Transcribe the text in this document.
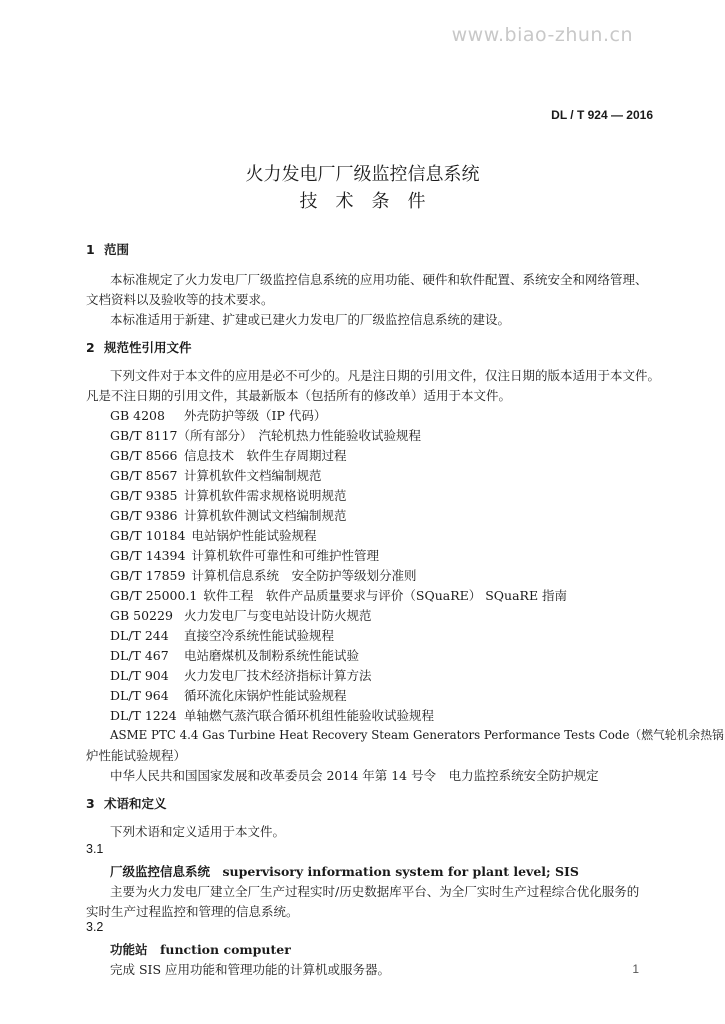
www.biao-zhun.cn
DL / T 924 — 2016
火力发电厂厂级监控信息系统
技术条件
1 范围
本标准规定了火力发电厂厂级监控信息系统的应用功能、硬件和软件配置、系统安全和网络管理、
文档资料以及验收等的技术要求。
本标准适用于新建、扩建或已建火力发电厂的厂级监控信息系统的建设。
2 规范性引用文件
下列文件对于本文件的应用是必不可少的。凡是注日期的引用文件，仅注日期的版本适用于本文件。
凡是不注日期的引用文件，其最新版本（包括所有的修改单）适用于本文件。
GB 4208 外壳防护等级（IP 代码）
GB/T 8117（所有部分） 汽轮机热力性能验收试验规程
GB/T 8566 信息技术　软件生存周期过程
GB/T 8567 计算机软件文档编制规范
GB/T 9385 计算机软件需求规格说明规范
GB/T 9386 计算机软件测试文档编制规范
GB/T 10184 电站锅炉性能试验规程
GB/T 14394 计算机软件可靠性和可维护性管理
GB/T 17859 计算机信息系统　安全防护等级划分准则
GB/T 25000.1 软件工程　软件产品质量要求与评价（SQuaRE） SQuaRE 指南
GB 50229 火力发电厂与变电站设计防火规范
DL/T 244 直接空冷系统性能试验规程
DL/T 467 电站磨煤机及制粉系统性能试验
DL/T 904 火力发电厂技术经济指标计算方法
DL/T 964 循环流化床锅炉性能试验规程
DL/T 1224 单轴燃气蒸汽联合循环机组性能验收试验规程
ASME PTC 4.4 Gas Turbine Heat Recovery Steam Generators Performance Tests Code（燃气轮机余热锅
炉性能试验规程）
中华人民共和国国家发展和改革委员会 2014 年第 14 号令　电力监控系统安全防护规定
3 术语和定义
下列术语和定义适用于本文件。
3.1
厂级监控信息系统　supervisory information system for plant level; SIS
主要为火力发电厂建立全厂生产过程实时/历史数据库平台、为全厂实时生产过程综合优化服务的
实时生产过程监控和管理的信息系统。
3.2
功能站　function computer
完成 SIS 应用功能和管理功能的计算机或服务器。	1
